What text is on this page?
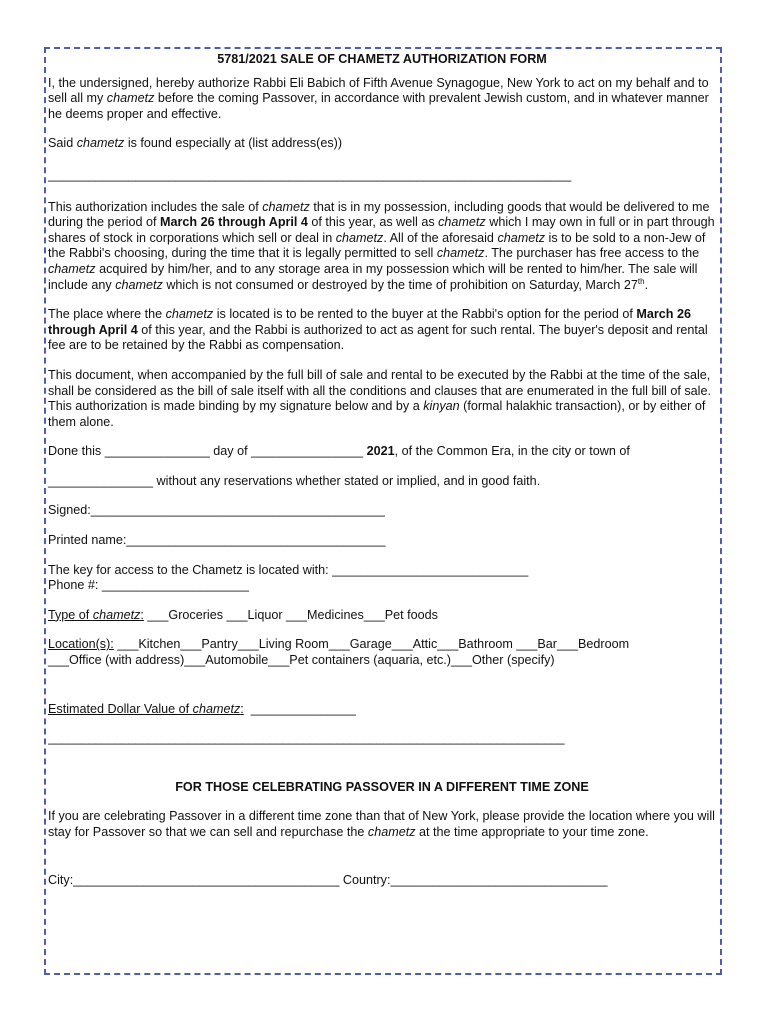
5781/2021 SALE OF CHAMETZ AUTHORIZATION FORM

I, the undersigned, hereby authorize Rabbi Eli Babich of Fifth Avenue Synagogue, New York to act on my behalf and to sell all my chametz before the coming Passover, in accordance with prevalent Jewish custom, and in whatever manner he deems proper and effective.

Said chametz is found especially at (list address(es))

______________________________________________________________________________

This authorization includes the sale of chametz that is in my possession, including goods that would be delivered to me during the period of March 26 through April 4 of this year, as well as chametz which I may own in full or in part through shares of stock in corporations which sell or deal in chametz. All of the aforesaid chametz is to be sold to a non-Jew of the Rabbi's choosing, during the time that it is legally permitted to sell chametz. The purchaser has free access to the chametz acquired by him/her, and to any storage area in my possession which will be rented to him/her. The sale will include any chametz which is not consumed or destroyed by the time of prohibition on Saturday, March 27th.

The place where the chametz is located is to be rented to the buyer at the Rabbi's option for the period of March 26 through April 4 of this year, and the Rabbi is authorized to act as agent for such rental. The buyer's deposit and rental fee are to be retained by the Rabbi as compensation.

This document, when accompanied by the full bill of sale and rental to be executed by the Rabbi at the time of the sale, shall be considered as the bill of sale itself with all the conditions and clauses that are enumerated in the full bill of sale. This authorization is made binding by my signature below and by a kinyan (formal halakhic transaction), or by either of them alone.

Done this _______________ day of ________________ 2021, of the Common Era, in the city or town of

_______________ without any reservations whether stated or implied, and in good faith.

Signed:__________________________________________

Printed name:_____________________________________

The key for access to the Chametz is located with: ____________________________

Phone #: _____________________

Type of chametz: ___Groceries ___Liquor ___Medicines___Pet foods

Location(s): ___Kitchen___Pantry___Living Room___Garage___Attic___Bathroom ___Bar___Bedroom

___Office (with address)___Automobile___Pet containers (aquaria, etc.)___Other (specify)

Estimated Dollar Value of chametz:  _______________

_____________________________________________________________________________

FOR THOSE CELEBRATING PASSOVER IN A DIFFERENT TIME ZONE

If you are celebrating Passover in a different time zone than that of New York, please provide the location where you will stay for Passover so that we can sell and repurchase the chametz at the time appropriate to your time zone.

City:______________________________________ Country:_______________________________
